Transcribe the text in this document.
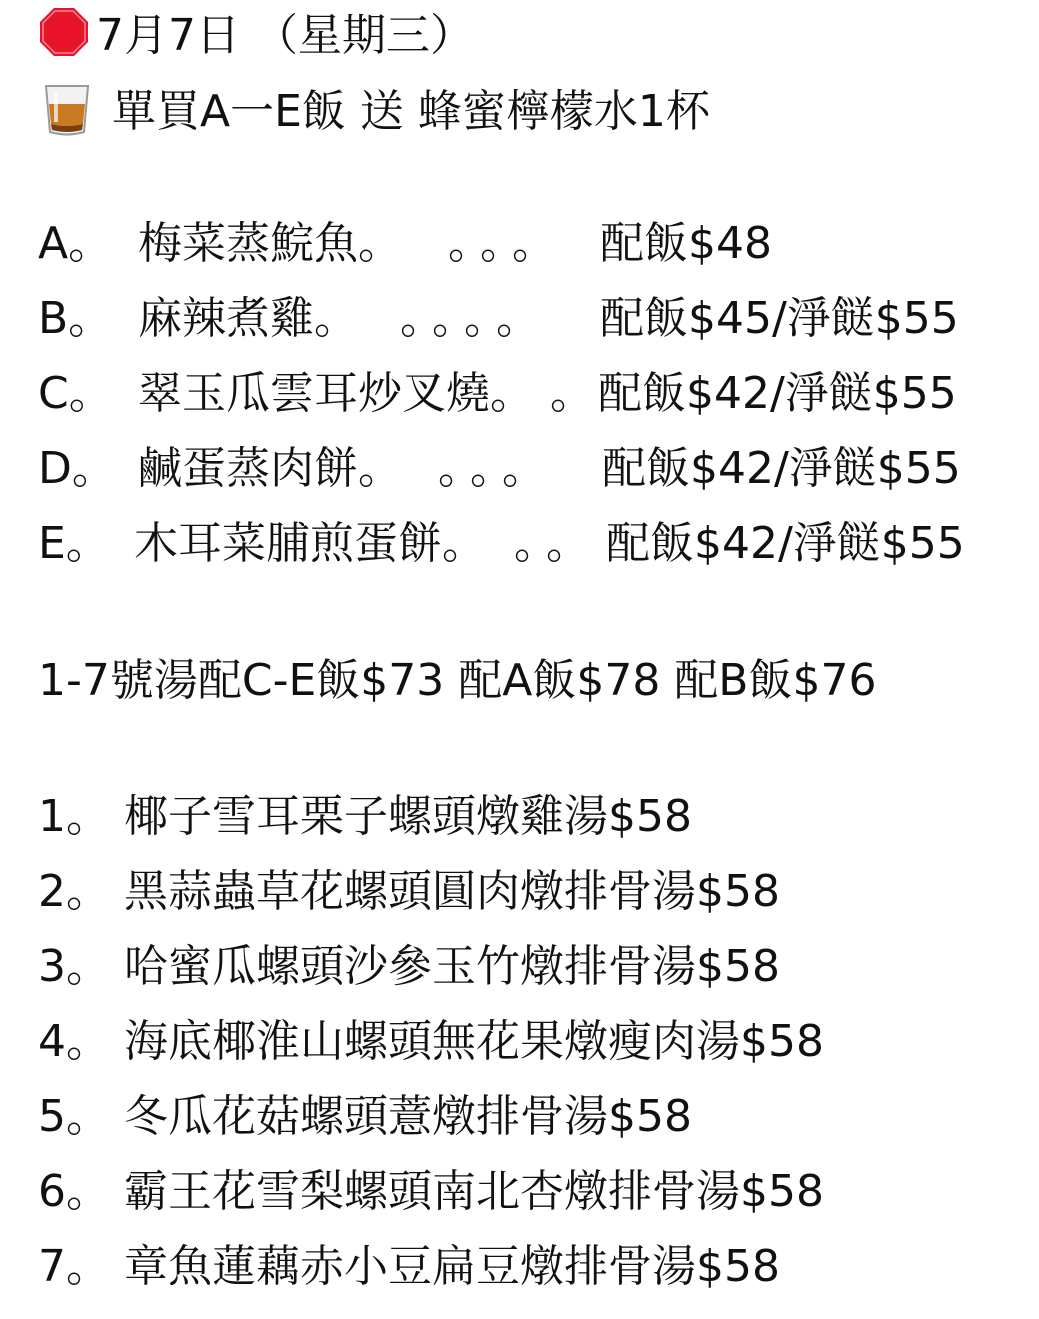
7月7日 （星期三）
單買A一E飯 送 蜂蜜檸檬水1杯
A。 梅菜蒸鯇魚。 。。。 配飯$48
B。 麻辣煮雞。 。。。。 配飯$45/淨餸$55
C。 翠玉瓜雲耳炒叉燒。 。
配飯$42/淨餸$55
D。 鹹蛋蒸肉餅。 。。。 配飯$42/淨餸$55
E。 木耳菜脯煎蛋餅。 。。 配飯$42/淨餸$55
1-7號湯配C-E飯$73 配A飯$78 配B飯$76
1。 椰子雪耳栗子螺頭燉雞湯$58
2。 黑蒜蟲草花螺頭圓肉燉排骨湯$58
3。 哈蜜瓜螺頭沙參玉竹燉排骨湯$58
4。 海底椰淮山螺頭無花果燉瘦肉湯$58
5。 冬瓜花菇螺頭薏燉排骨湯$58
6。 霸王花雪梨螺頭南北杏燉排骨湯$58
7。 章魚蓮藕赤小豆扁豆燉排骨湯$58
